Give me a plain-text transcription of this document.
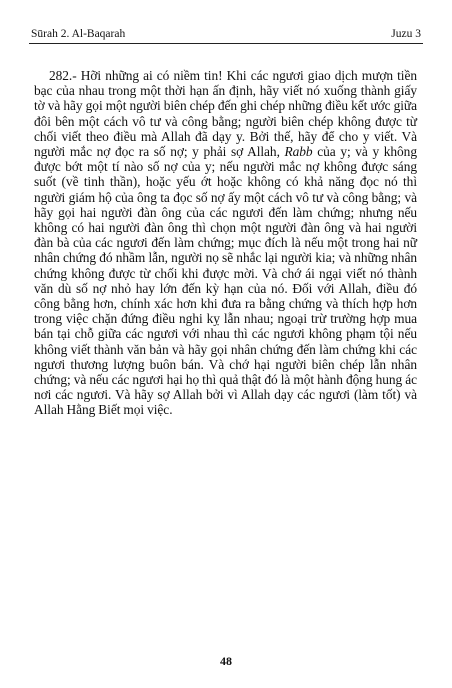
Sūrah 2. Al-Baqarah	Juzu 3

282.- Hỡi những ai có niềm tin! Khi các ngươi giao dịch mượn tiền bạc của nhau trong một thời hạn ấn định, hãy viết nó xuống thành giấy tờ và hãy gọi một người biên chép đến ghi chép những điều kết ước giữa đôi bên một cách vô tư và công bằng; người biên chép không được từ chối viết theo điều mà Allah đã dạy y. Bởi thế, hãy để cho y viết. Và người mắc nợ đọc ra số nợ; y phải sợ Allah, Rabb của y; và y không được bớt một tí nào số nợ của y; nếu người mắc nợ không được sáng suốt (về tinh thần), hoặc yếu ớt hoặc không có khả năng đọc nó thì người giám hộ của ông ta đọc số nợ ấy một cách vô tư và công bằng; và hãy gọi hai người đàn ông của các ngươi đến làm chứng; nhưng nếu không có hai người đàn ông thì chọn một người đàn ông và hai người đàn bà của các ngươi đến làm chứng; mục đích là nếu một trong hai nữ nhân chứng đó nhầm lẫn, người nọ sẽ nhắc lại người kia; và những nhân chứng không được từ chối khi được mời. Và chớ ái ngại viết nó thành văn dù số nợ nhỏ hay lớn đến kỳ hạn của nó. Đối với Allah, điều đó công bằng hơn, chính xác hơn khi đưa ra bằng chứng và thích hợp hơn trong việc chặn đứng điều nghi kỵ lẫn nhau; ngoại trừ trường hợp mua bán tại chỗ giữa các ngươi với nhau thì các ngươi không phạm tội nếu không viết thành văn bản và hãy gọi nhân chứng đến làm chứng khi các ngươi thương lượng buôn bán. Và chớ hại người biên chép lẫn nhân chứng; và nếu các ngươi hại họ thì quả thật đó là một hành động hung ác nơi các ngươi. Và hãy sợ Allah bởi vì Allah dạy các ngươi (làm tốt) và Allah Hằng Biết mọi việc.

48
